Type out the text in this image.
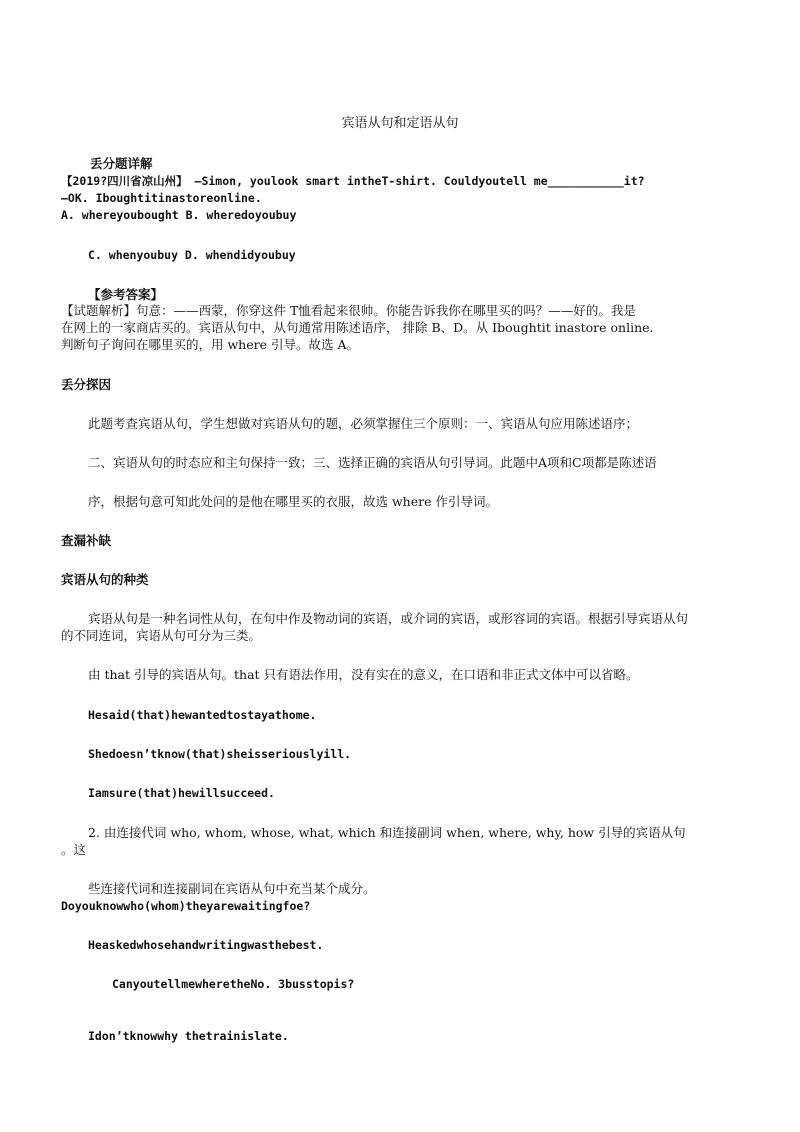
宾语从句和定语从句
丢分题详解
【2019?四川省凉山州】 —Simon, youlook smart intheT-shirt. Couldyoutell me___________it?
—OK. Iboughtitinastoreonline.
A. whereyoubought B. wheredoyoubuy
C. whenyoubuy D. whendidyoubuy
【参考答案】
【试题解析】句意：——西蒙，你穿这件 T恤看起来很帅。你能告诉我你在哪里买的吗？——好的。我是
在网上的一家商店买的。宾语从句中，从句通常用陈述语序， 排除 B、D。从 Iboughtit inastore online.
判断句子询问在哪里买的，用 where 引导。故选 A。
丢分探因
此题考查宾语从句，学生想做对宾语从句的题，必须掌握住三个原则：一、宾语从句应用陈述语序；
二、宾语从句的时态应和主句保持一致；三、选择正确的宾语从句引导词。此题中A项和C项都是陈述语
序，根据句意可知此处问的是他在哪里买的衣服，故选 where 作引导词。
查漏补缺
宾语从句的种类
宾语从句是一种名词性从句，在句中作及物动词的宾语，或介词的宾语，或形容词的宾语。根据引导宾语从句
的不同连词，宾语从句可分为三类。
由 that 引导的宾语从句。that 只有语法作用，没有实在的意义，在口语和非正式文体中可以省略。
Hesaid(that)hewantedtostayathome.
Shedoesn’tknow(that)sheisseriouslyill.
Iamsure(that)hewillsucceed.
2. 由连接代词 who, whom, whose, what, which 和连接副词 when, where, why, how 引导的宾语从句
。这
些连接代词和连接副词在宾语从句中充当某个成分。
Doyouknowwho(whom)theyarewaitingfoe?
Heaskedwhosehandwritingwasthebest.
CanyoutellmewheretheNo. 3busstopis?
Idon’tknowwhy thetrainislate.
